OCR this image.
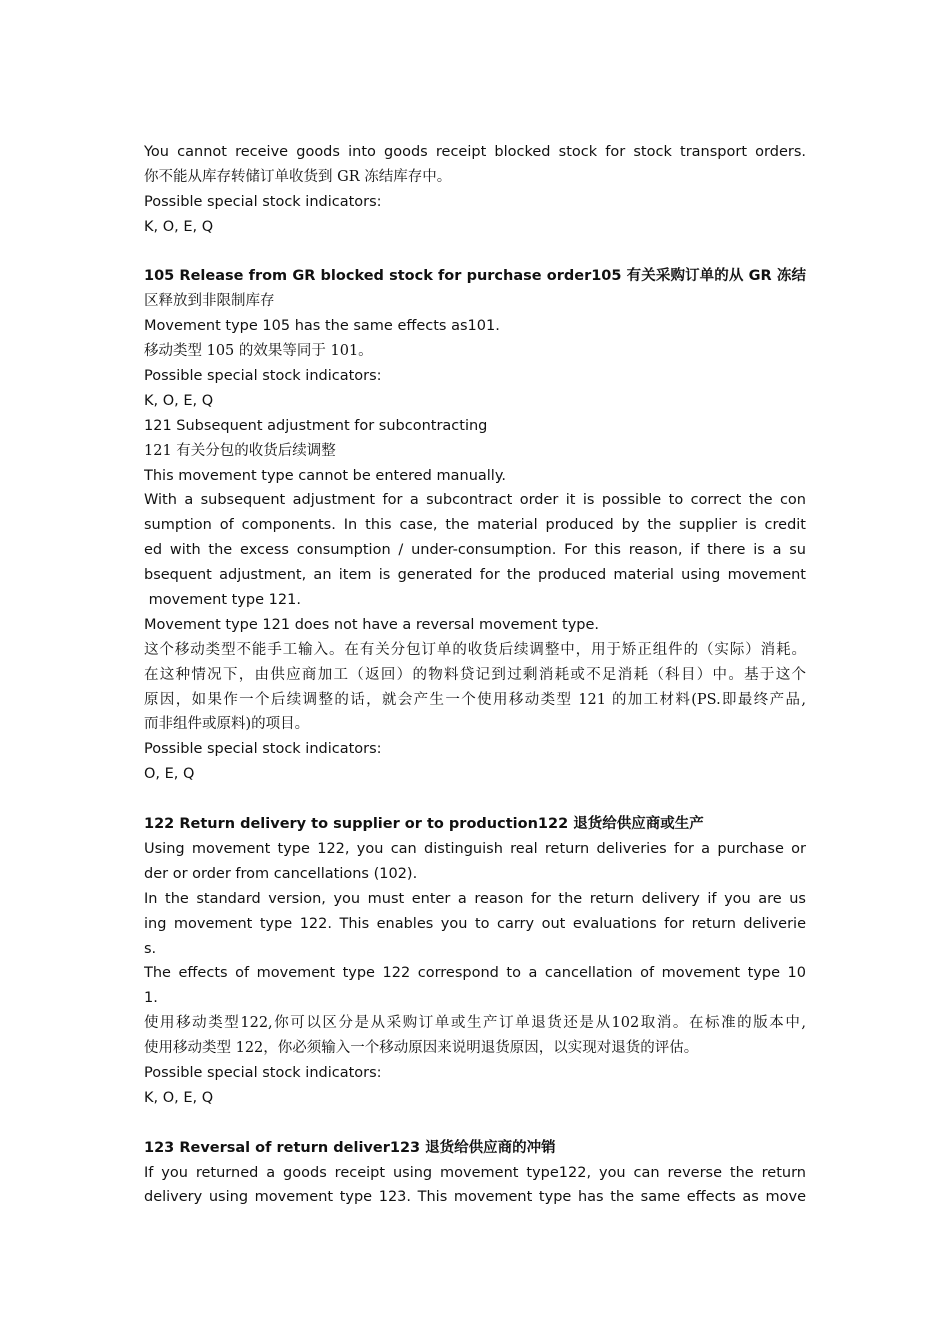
You cannot receive goods into goods receipt blocked stock for stock transport orders.
你不能从库存转储订单收货到 GR 冻结库存中。
Possible special stock indicators:
K, O, E, Q
105 Release from GR blocked stock for purchase order105 有关采购订单的从 GR 冻结
区释放到非限制库存
Movement type 105 has the same effects as101.
移动类型 105 的效果等同于 101。
Possible special stock indicators:
K, O, E, Q
121 Subsequent adjustment for subcontracting
121 有关分包的收货后续调整
This movement type cannot be entered manually.
With a subsequent adjustment for a subcontract order it is possible to correct the con
sumption of components. In this case, the material produced by the supplier is credit
ed with the excess consumption / under-consumption. For this reason, if there is a su
bsequent adjustment, an item is generated for the produced material using movement
movement type 121.
Movement type 121 does not have a reversal movement type.
这个移动类型不能手工输入。在有关分包订单的收货后续调整中，用于矫正组件的（实际）消耗。
在这种情况下，由供应商加工（返回）的物料贷记到过剩消耗或不足消耗（科目）中。基于这个
原因，如果作一个后续调整的话，就会产生一个使用移动类型 121 的加工材料(PS.即最终产品,
而非组件或原料)的项目。
Possible special stock indicators:
O, E, Q
122 Return delivery to supplier or to production122 退货给供应商或生产
Using movement type 122, you can distinguish real return deliveries for a purchase or
der or order from cancellations (102).
In the standard version, you must enter a reason for the return delivery if you are us
ing movement type 122. This enables you to carry out evaluations for return deliverie
s.
The effects of movement type 122 correspond to a cancellation of movement type 10
1.
使用移动类型122,你可以区分是从采购订单或生产订单退货还是从102取消。在标准的版本中,
使用移动类型 122，你必须输入一个移动原因来说明退货原因，以实现对退货的评估。
Possible special stock indicators:
K, O, E, Q
123 Reversal of return deliver123 退货给供应商的冲销
If you returned a goods receipt using movement type122, you can reverse the return
delivery using movement type 123. This movement type has the same effects as move
